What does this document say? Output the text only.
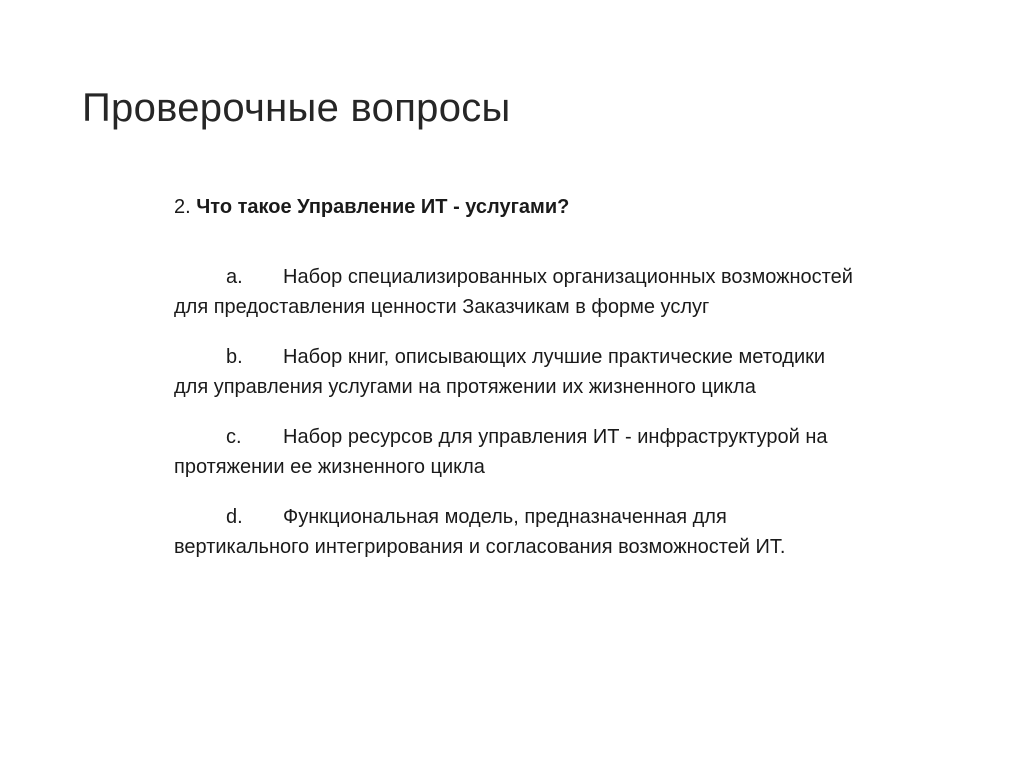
Проверочные вопросы

2. Что такое Управление ИТ - услугами?

a. Набор специализированных организационных возможностей для предоставления ценности Заказчикам в форме услуг
b. Набор книг, описывающих лучшие практические методики для управления услугами на протяжении их жизненного цикла
c. Набор ресурсов для управления ИТ - инфраструктурой на протяжении ее жизненного цикла
d. Функциональная модель, предназначенная для вертикального интегрирования и согласования возможностей ИТ.
